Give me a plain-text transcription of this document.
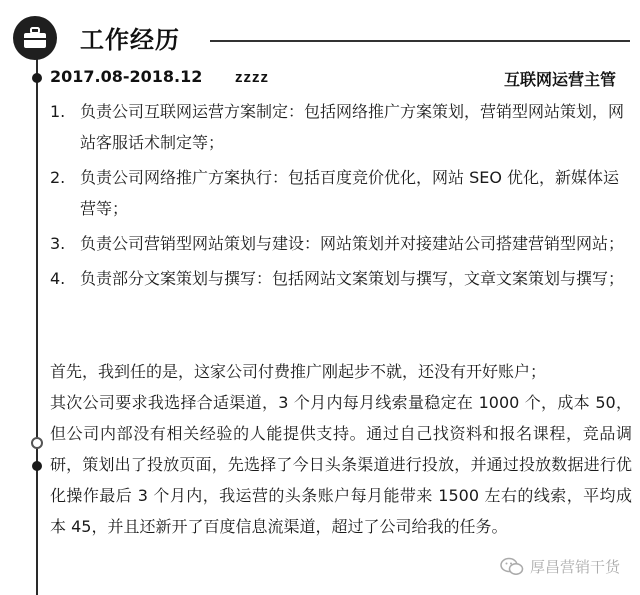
工作经历
2017.08-2018.12 zzzz	互联网运营主管
1. 负责公司互联网运营方案制定：包括网络推广方案策划，营销型网站策划，网站客服话术制定等；
2. 负责公司网络推广方案执行：包括百度竞价优化，网站 SEO 优化，新媒体运营等；
3. 负责公司营销型网站策划与建设：网站策划并对接建站公司搭建营销型网站；
4. 负责部分文案策划与撰写：包括网站文案策划与撰写，文章文案策划与撰写；

首先，我到任的是，这家公司付费推广刚起步不就，还没有开好账户；

其次公司要求我选择合适渠道，3 个月内每月线索量稳定在 1000 个，成本 50，但公司内部没有相关经验的人能提供支持。通过自己找资料和报名课程，竞品调研，策划出了投放页面，先选择了今日头条渠道进行投放，并通过投放数据进行优化操作最后 3 个月内，我运营的头条账户每月能带来 1500 左右的线索，平均成本 45，并且还新开了百度信息流渠道，超过了公司给我的任务。

厚昌营销干货
